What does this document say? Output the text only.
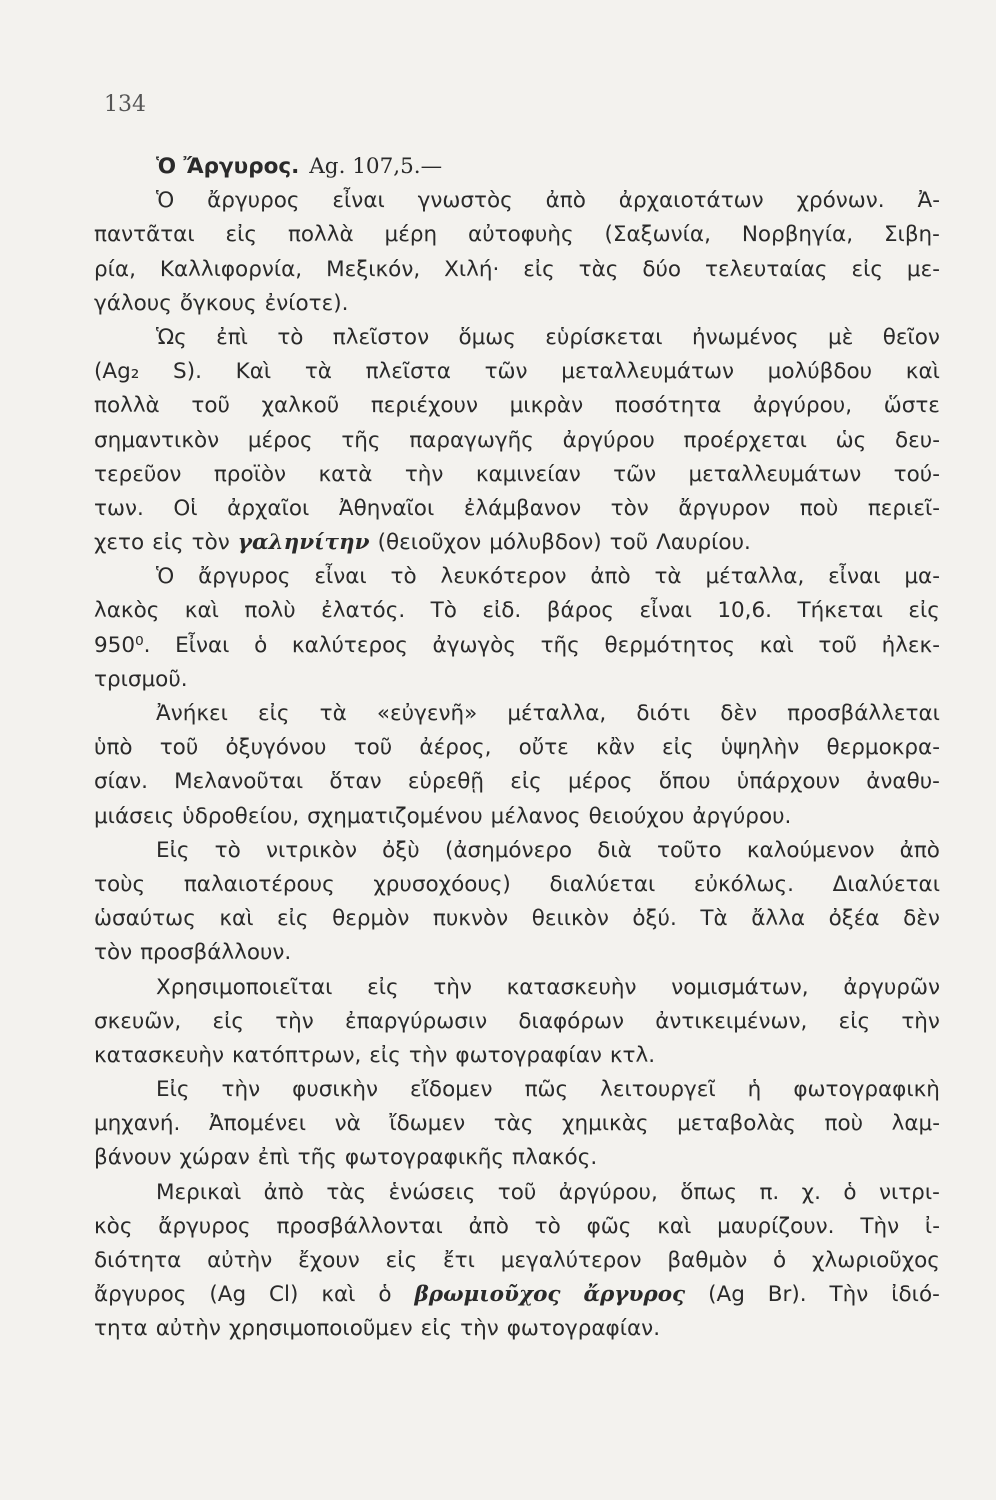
134
Ὁ Ἄργυρος. Ag. 107,5.—
Ὁ ἄργυρος εἶναι γνωστὸς ἀπὸ ἀρχαιοτάτων χρόνων. Ἀ-
παντᾶται εἰς πολλὰ μέρη αὐτοφυὴς (Σαξωνία, Νορβηγία, Σιβη-
ρία, Καλλιφορνία, Μεξικόν, Χιλή· εἰς τὰς δύο τελευταίας εἰς με-
γάλους ὄγκους ἐνίοτε).
Ὡς ἐπὶ τὸ πλεῖστον ὅμως εὑρίσκεται ἠνωμένος μὲ θεῖον
(Ag₂ S). Καὶ τὰ πλεῖστα τῶν μεταλλευμάτων μολύβδου καὶ
πολλὰ τοῦ χαλκοῦ περιέχουν μικρὰν ποσότητα ἀργύρου, ὥστε
σημαντικὸν μέρος τῆς παραγωγῆς ἀργύρου προέρχεται ὡς δευ-
τερεῦον προϊὸν κατὰ τὴν καμινείαν τῶν μεταλλευμάτων τού-
των. Οἱ ἀρχαῖοι Ἀθηναῖοι ἐλάμβανον τὸν ἄργυρον ποὺ περιεῖ-
χετο εἰς τὸν γαληνίτην (θειοῦχον μόλυβδον) τοῦ Λαυρίου.
Ὁ ἄργυρος εἶναι τὸ λευκότερον ἀπὸ τὰ μέταλλα, εἶναι μα-
λακὸς καὶ πολὺ ἐλατός. Τὸ εἰδ. βάρος εἶναι 10,6. Τήκεται εἰς
950⁰. Εἶναι ὁ καλύτερος ἀγωγὸς τῆς θερμότητος καὶ τοῦ ἠλεκ-
τρισμοῦ.
Ἀνήκει εἰς τὰ «εὐγενῆ» μέταλλα, διότι δὲν προσβάλλεται
ὑπὸ τοῦ ὀξυγόνου τοῦ ἀέρος, οὔτε κἂν εἰς ὑψηλὴν θερμοκρα-
σίαν. Μελανοῦται ὅταν εὑρεθῇ εἰς μέρος ὅπου ὑπάρχουν ἀναθυ-
μιάσεις ὑδροθείου, σχηματιζομένου μέλανος θειούχου ἀργύρου.
Εἰς τὸ νιτρικὸν ὀξὺ (ἀσημόνερο διὰ τοῦτο καλούμενον ἀπὸ
τοὺς παλαιοτέρους χρυσοχόους) διαλύεται εὐκόλως. Διαλύεται
ὡσαύτως καὶ εἰς θερμὸν πυκνὸν θειικὸν ὀξύ. Τὰ ἄλλα ὀξέα δὲν
τὸν προσβάλλουν.
Χρησιμοποιεῖται εἰς τὴν κατασκευὴν νομισμάτων, ἀργυρῶν
σκευῶν, εἰς τὴν ἐπαργύρωσιν διαφόρων ἀντικειμένων, εἰς τὴν
κατασκευὴν κατόπτρων, εἰς τὴν φωτογραφίαν κτλ.
Εἰς τὴν φυσικὴν εἴδομεν πῶς λειτουργεῖ ἡ φωτογραφικὴ
μηχανή. Ἀπομένει νὰ ἴδωμεν τὰς χημικὰς μεταβολὰς ποὺ λαμ-
βάνουν χώραν ἐπὶ τῆς φωτογραφικῆς πλακός.
Μερικαὶ ἀπὸ τὰς ἑνώσεις τοῦ ἀργύρου, ὅπως π. χ. ὁ νιτρι-
κὸς ἄργυρος προσβάλλονται ἀπὸ τὸ φῶς καὶ μαυρίζουν. Τὴν ἰ-
διότητα αὐτὴν ἔχουν εἰς ἔτι μεγαλύτερον βαθμὸν ὁ χλωριοῦχος
ἄργυρος (Ag Cl) καὶ ὁ βρωμιοῦχος ἄργυρος (Ag Br). Τὴν ἰδιό-
τητα αὐτὴν χρησιμοποιοῦμεν εἰς τὴν φωτογραφίαν.
